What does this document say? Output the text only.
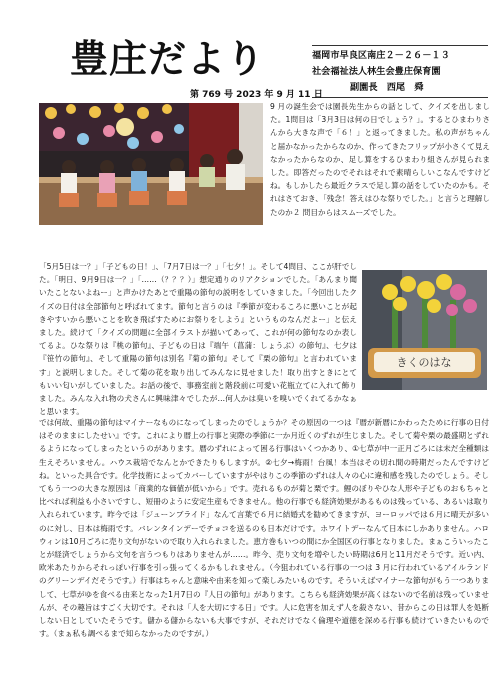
豊庄だより	福岡市早良区南庄２－２６－１３
社会福祉法人林生会豊庄保育園
副園長　西尾　舜
第 769 号 2023 年 9 月 11 日

9 月の誕生会では園長先生からの話として、クイズを出しました。1問目は「3月3日は何の日でしょう？」。するとひまわりさんから大きな声で「６！」と返ってきました。私の声がちゃんと届かなかったからなのか、作ってきたフリップが小さくて見えなかったからなのか、足し算をするひまわり組さんが見られました。即答だったのでそれはそれで素晴らしいこなんですけどね。もしかしたら最近クラスで足し算の話をしていたのかも。それはさておき、「残念！答えはひな祭りでした。」と言うと理解したのか２ 問目からはスムーズでした。

「5月5日は一？」「子どもの日！」、「7月7日は一？」「七夕！」。そして4問目、ここが肝でした。「明日、9月9日は一？」「……（？？？）」想定通りのリアクションでした。「あんまり聞いたことないよねー」と声かけたあとで重陽の節句の説明をしていきました。「今回出したクイズの日付は全部節句と呼ばれてます。節句と言うのは『季節が変わるころに悪いことが起きやすいから悪いことを吹き飛ばすためにお祭りをしよう』というものなんだよー」と伝えました。続けて「クイズの問題に全部イラストが描いてあって、これが何の節句なのか表してるよ。ひな祭りは『桃の節句』、子どもの日は『端午（菖蒲：しょうぶ）の節句』、七夕は『笹竹の節句』、そして重陽の節句は別名『菊の節句』そして『栗の節句』と言われています」と説明しました。そして菊の花を取り出してみんなに見せました！取り出すときにとてもいい匂いがしていました。お話の後で、事務室前と階段前に可愛い花瓶立てに入れて飾りました。みんな入れ物の犬さんに興味津々でしたが…何人かは臭いを嗅いでくれてるかなぁと思います。

きくのはな

では何故、重陽の節句はマイナーなものになってしまったのでしょうか？その原因の一つは『暦が新暦にかわったために行事の日付はそのままにしたせい』です。これにより暦上の行事と実際の季節に一か月近くのずれが生じました。そして菊や栗の最盛期とずれるようになってしまったというのがあります。暦のずれによって困る行事はいくつかあり、①七草が中一正月ごろには未だ全種類は生えそろいません。ハウス栽培でなんとかできたりもしますが。②七夕→梅雨！台風！本当はその切れ間の時期だったんですけどね。といった具合です。化学技術によってカバーしていますがやはりこの季節のずれは人々の心に違和感を残したのでしょう。そしてもう一つの大きな原因は「商業的な価値が低いから」です。売れるものが菊と栗です。鯉のぼりやひな人形や子どものおもちゃと比べれば利益も小さいですし、短冊のように安定生産もできません。他の行事でも経済効果があるものは残っている、あるいは取り入れられています。昨今では「ジューンブライド」なんて言葉で６月に結婚式を勧めてきますが、ヨーロッパでは６月に晴天が多いのに対し、日本は梅雨です。バレンタインデーでチョコを送るのも日本だけです。ホワイトデーなんて日本にしかありません。ハロウィンは10月ごろに売り文句がないので取り入れられました。恵方巻もいつの間にか全国区の行事となりました。まぁこういったことが経済でしょうから文句を言うつもりはありませんが……。昨今、売り文句を増やしたい時期は6月と11月だそうです。近い内、欧米あたりからそれっぽい行事を引っ張ってくるかもしれません。（今狙われている行事の一つは 3 月に行われているアイルランドのグリーンデイだそうです。）行事はちゃんと意味や由来を知って楽しみたいものです。そういえばマイナーな節句がもう一つありまして、七草がゆを食べる由来となった1月7日の『人日の節句』があります。こちらも経済効果が高くはないので名前は残っていませんが、その趣旨はすごく大切です。それは「人を大切にする日」です。人に危害を加えず人を殺さない、昔からこの日は罪人を処断しない日としていたそうです。儲かる儲からないも大事ですが、それだけでなく倫理や道徳を深める行事も続けていきたいものです。（まぁ私も調べるまで知らなかったのですが。）
